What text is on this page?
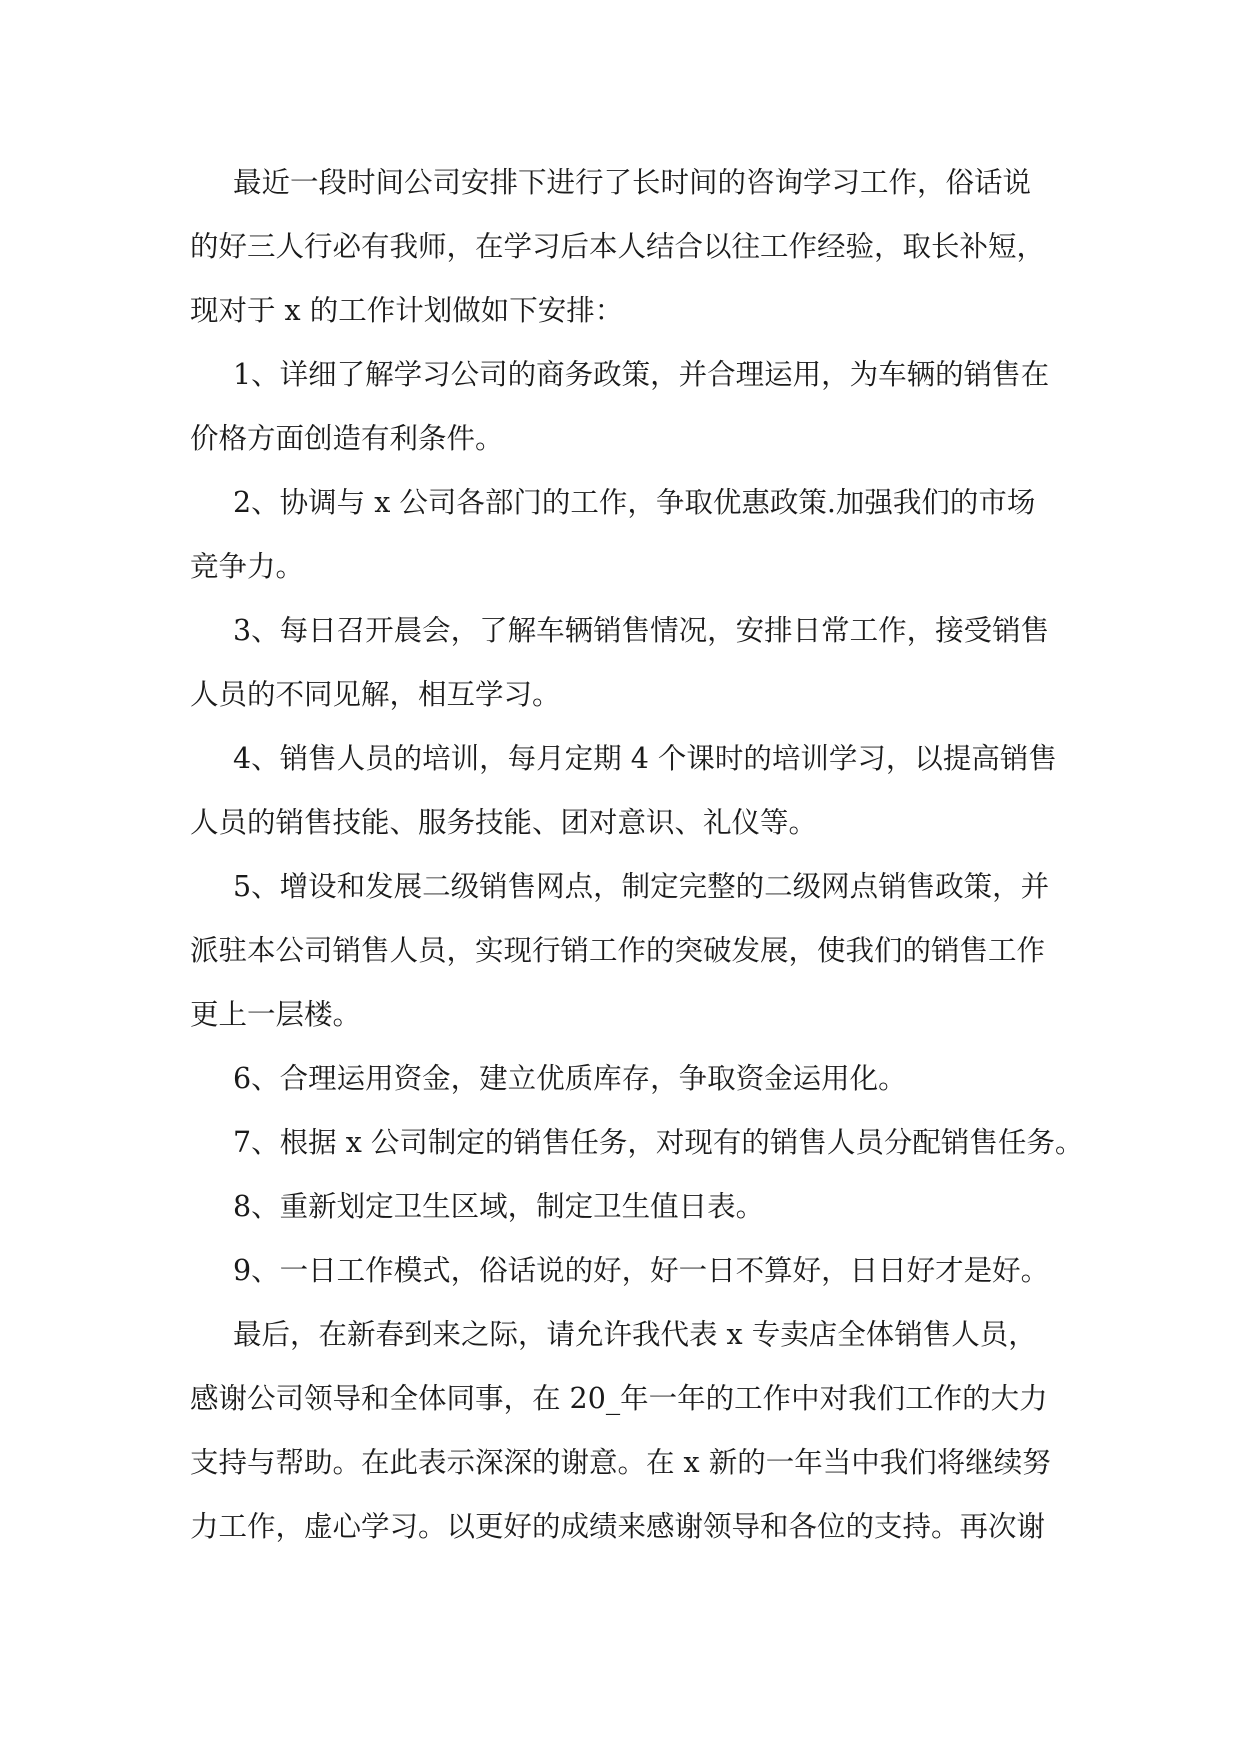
最近一段时间公司安排下进行了长时间的咨询学习工作，俗话说

的好三人行必有我师，在学习后本人结合以往工作经验，取长补短，

现对于 x 的工作计划做如下安排：

1、详细了解学习公司的商务政策，并合理运用，为车辆的销售在

价格方面创造有利条件。

2、协调与 x 公司各部门的工作，争取优惠政策.加强我们的市场

竞争力。

3、每日召开晨会，了解车辆销售情况，安排日常工作，接受销售

人员的不同见解，相互学习。

4、销售人员的培训，每月定期 4 个课时的培训学习，以提高销售

人员的销售技能、服务技能、团对意识、礼仪等。

5、增设和发展二级销售网点，制定完整的二级网点销售政策，并

派驻本公司销售人员，实现行销工作的突破发展，使我们的销售工作

更上一层楼。

6、合理运用资金，建立优质库存，争取资金运用化。

7、根据 x 公司制定的销售任务，对现有的销售人员分配销售任务。

8、重新划定卫生区域，制定卫生值日表。

9、一日工作模式，俗话说的好，好一日不算好，日日好才是好。

最后，在新春到来之际，请允许我代表 x 专卖店全体销售人员，

感谢公司领导和全体同事，在 20_年一年的工作中对我们工作的大力

支持与帮助。在此表示深深的谢意。在 x 新的一年当中我们将继续努

力工作，虚心学习。以更好的成绩来感谢领导和各位的支持。再次谢
